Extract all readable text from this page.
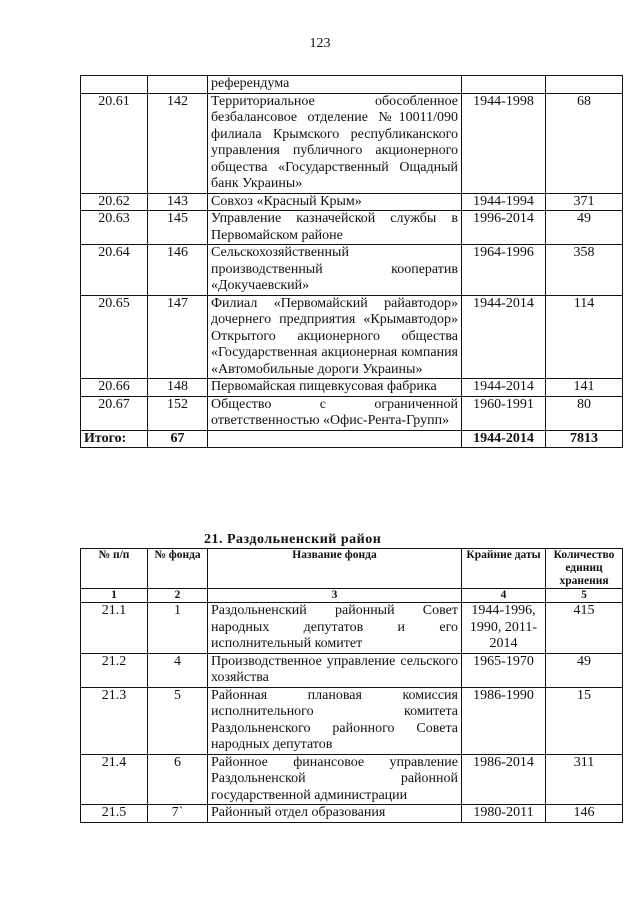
123
		референдума		
20.61	142	Территориальное обособленное безбалансовое отделение №10011/090 филиала Крымского республиканского управления публичного акционерного общества «Государственный Ощадный банк Украины»	1944-1998	68
20.62	143	Совхоз «Красный Крым»	1944-1994	371
20.63	145	Управление казначейской службы в Первомайском районе	1996-2014	49
20.64	146	Сельскохозяйственный производственный кооператив «Докучаевский»	1964-1996	358
20.65	147	Филиал «Первомайский райавтодор» дочернего предприятия «Крымавтодор» Открытого акционерного общества «Государственная акционерная компания «Автомобильные дороги Украины»	1944-2014	114
20.66	148	Первомайская пищевкусовая фабрика	1944-2014	141
20.67	152	Общество с ограниченной ответственностью «Офис-Рента-Групп»	1960-1991	80
Итого:	67		1944-2014	7813
21. Раздольненский район
№ п/п	№ фонда	Название фонда	Крайние даты	Количество единиц хранения
1	2	3	4	5
21.1	1	Раздольненский районный Совет народных депутатов и его исполнительный комитет	1944-1996, 1990, 2011-2014	415
21.2	4	Производственное управление сельского хозяйства	1965-1970	49
21.3	5	Районная плановая комиссия исполнительного комитета Раздольненского районного Совета народных депутатов	1986-1990	15
21.4	6	Районное финансовое управление Раздольненской районной государственной администрации	1986-2014	311
21.5	7`	Районный отдел образования	1980-2011	146
